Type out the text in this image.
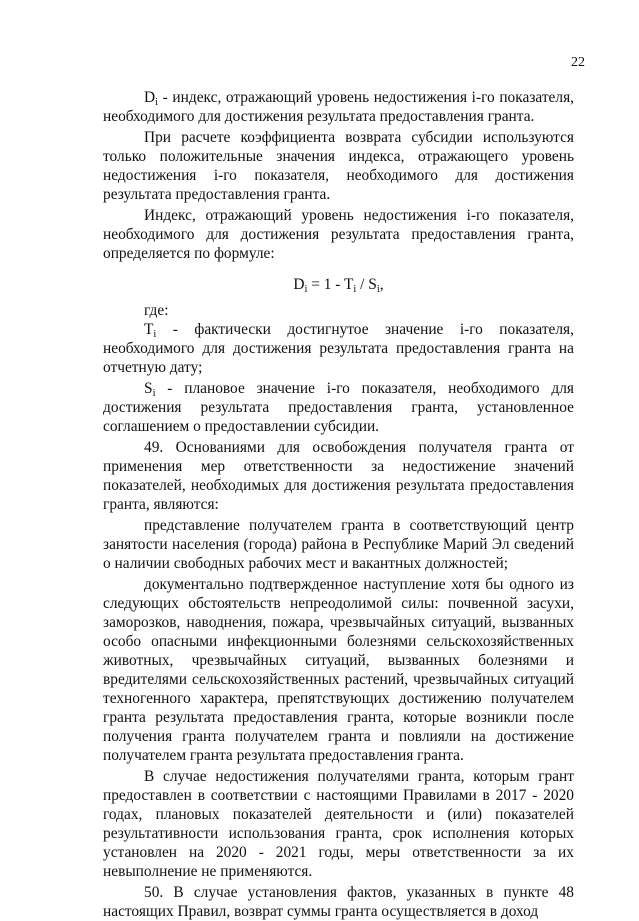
22

$D_i$ - индекс, отражающий уровень недостижения i-го показателя, необходимого для достижения результата предоставления гранта.

При расчете коэффициента возврата субсидии используются только положительные значения индекса, отражающего уровень недостижения i-го показателя, необходимого для достижения результата предоставления гранта.

Индекс, отражающий уровень недостижения i-го показателя, необходимого для достижения результата предоставления гранта, определяется по формуле:

$D_i = 1 - T_i / S_i$,

где:

$T_i$ - фактически достигнутое значение i-го показателя, необходимого для достижения результата предоставления гранта на отчетную дату;

$S_i$ - плановое значение i-го показателя, необходимого для достижения результата предоставления гранта, установленное соглашением о предоставлении субсидии.

49. Основаниями для освобождения получателя гранта от применения мер ответственности за недостижение значений показателей, необходимых для достижения результата предоставления гранта, являются:

представление получателем гранта в соответствующий центр занятости населения (города) района в Республике Марий Эл сведений о наличии свободных рабочих мест и вакантных должностей;

документально подтвержденное наступление хотя бы одного из следующих обстоятельств непреодолимой силы: почвенной засухи, заморозков, наводнения, пожара, чрезвычайных ситуаций, вызванных особо опасными инфекционными болезнями сельскохозяйственных животных, чрезвычайных ситуаций, вызванных болезнями и вредителями сельскохозяйственных растений, чрезвычайных ситуаций техногенного характера, препятствующих достижению получателем гранта результата предоставления гранта, которые возникли после получения гранта получателем гранта и повлияли на достижение получателем гранта результата предоставления гранта.

В случае недостижения получателями гранта, которым грант предоставлен в соответствии с настоящими Правилами в 2017 - 2020 годах, плановых показателей деятельности и (или) показателей результативности использования гранта, срок исполнения которых установлен на 2020 - 2021 годы, меры ответственности за их невыполнение не применяются.

50. В случае установления фактов, указанных в пункте 48 настоящих Правил, возврат суммы гранта осуществляется в доход
